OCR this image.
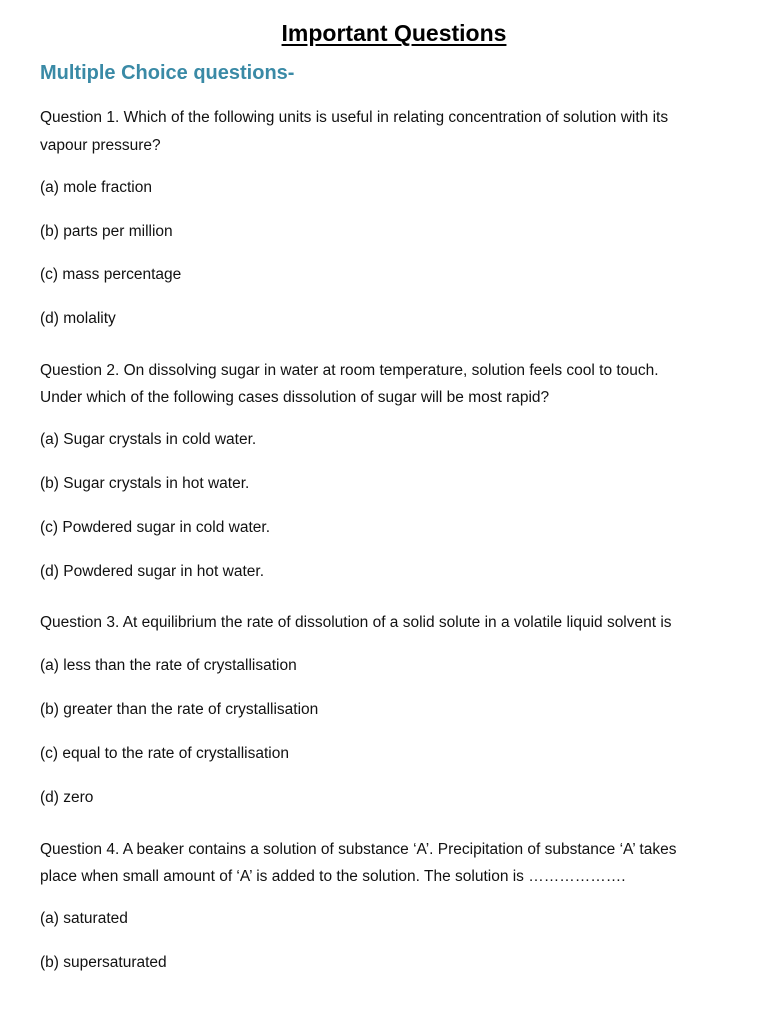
Important Questions
Multiple Choice questions-
Question 1. Which of the following units is useful in relating concentration of solution with its
vapour pressure?
(a) mole fraction
(b) parts per million
(c) mass percentage
(d) molality
Question 2. On dissolving sugar in water at room temperature, solution feels cool to touch.
Under which of the following cases dissolution of sugar will be most rapid?
(a) Sugar crystals in cold water.
(b) Sugar crystals in hot water.
(c) Powdered sugar in cold water.
(d) Powdered sugar in hot water.
Question 3. At equilibrium the rate of dissolution of a solid solute in a volatile liquid solvent is
(a) less than the rate of crystallisation
(b) greater than the rate of crystallisation
(c) equal to the rate of crystallisation
(d) zero
Question 4. A beaker contains a solution of substance ‘A’. Precipitation of substance ‘A’ takes
place when small amount of ‘A’ is added to the solution. The solution is ……………….
(a) saturated
(b) supersaturated
